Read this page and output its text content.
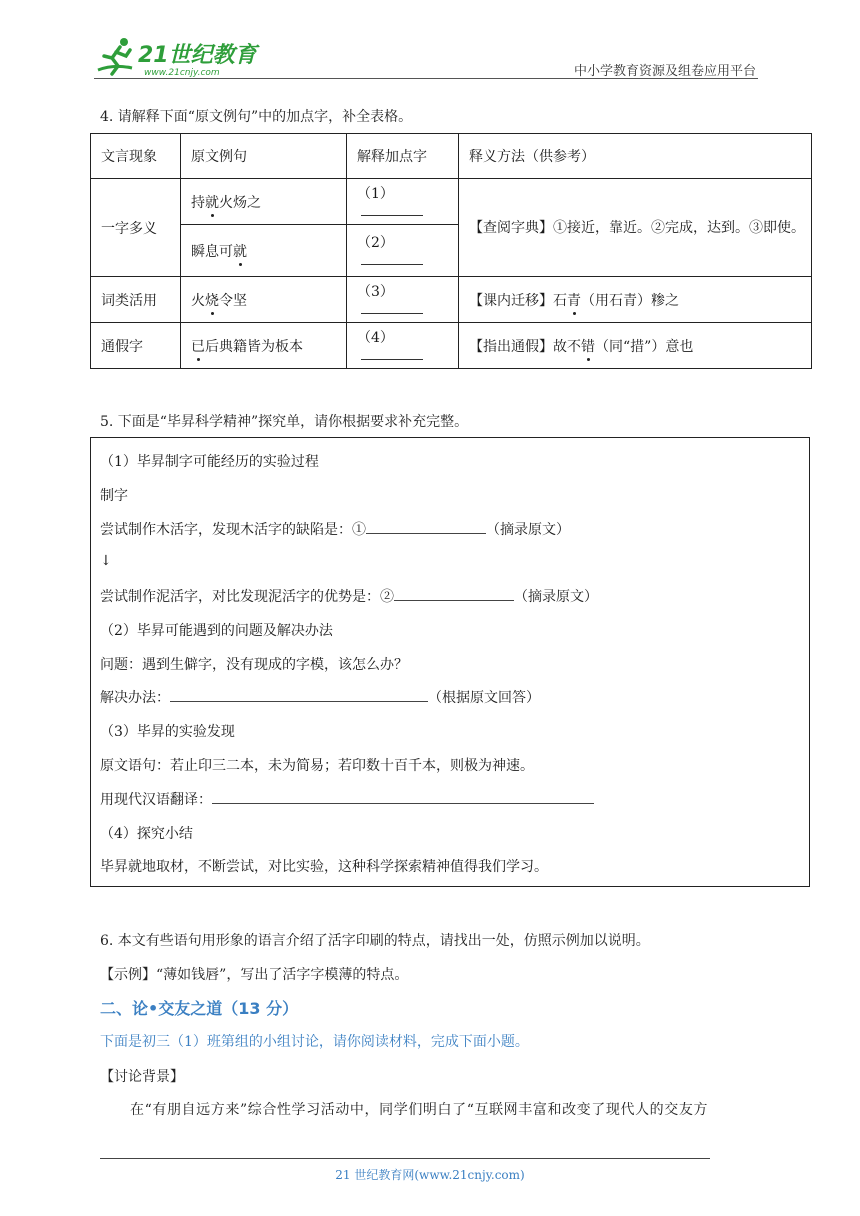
21世纪教育
www.21cnjy.com	中小学教育资源及组卷应用平台
4. 请解释下面“原文例句”中的加点字，补全表格。
文言现象	原文例句	解释加点字	释义方法（供参考）
一字多义	持就火炀之	（1）	【查阅字典】①接近，靠近。②完成，达到。③即使。
	瞬息可就	（2）	
词类活用	火烧令坚	（3）	【课内迁移】石青（用石青）糁之
通假字	已后典籍皆为板本	（4）	【指出通假】故不错（同“措”）意也
5. 下面是“毕昇科学精神”探究单，请你根据要求补充完整。
（1）毕昇制字可能经历的实验过程
制字
尝试制作木活字，发现木活字的缺陷是：①	（摘录原文）
↓
尝试制作泥活字，对比发现泥活字的优势是：②	（摘录原文）
（2）毕昇可能遇到的问题及解决办法
问题：遇到生僻字，没有现成的字模，该怎么办？
解决办法：	（根据原文回答）
（3）毕昇的实验发现
原文语句：若止印三二本，未为简易；若印数十百千本，则极为神速。
用现代汉语翻译：
（4）探究小结
毕昇就地取材，不断尝试，对比实验，这种科学探索精神值得我们学习。
6. 本文有些语句用形象的语言介绍了活字印刷的特点，请找出一处，仿照示例加以说明。
【示例】“薄如钱唇”，写出了活字字模薄的特点。
二、论•交友之道（13 分）
下面是初三（1）班第组的小组讨论，请你阅读材料，完成下面小题。
【讨论背景】
在“有朋自远方来”综合性学习活动中，同学们明白了“互联网丰富和改变了现代人的交友方
21 世纪教育网(www.21cnjy.com)
